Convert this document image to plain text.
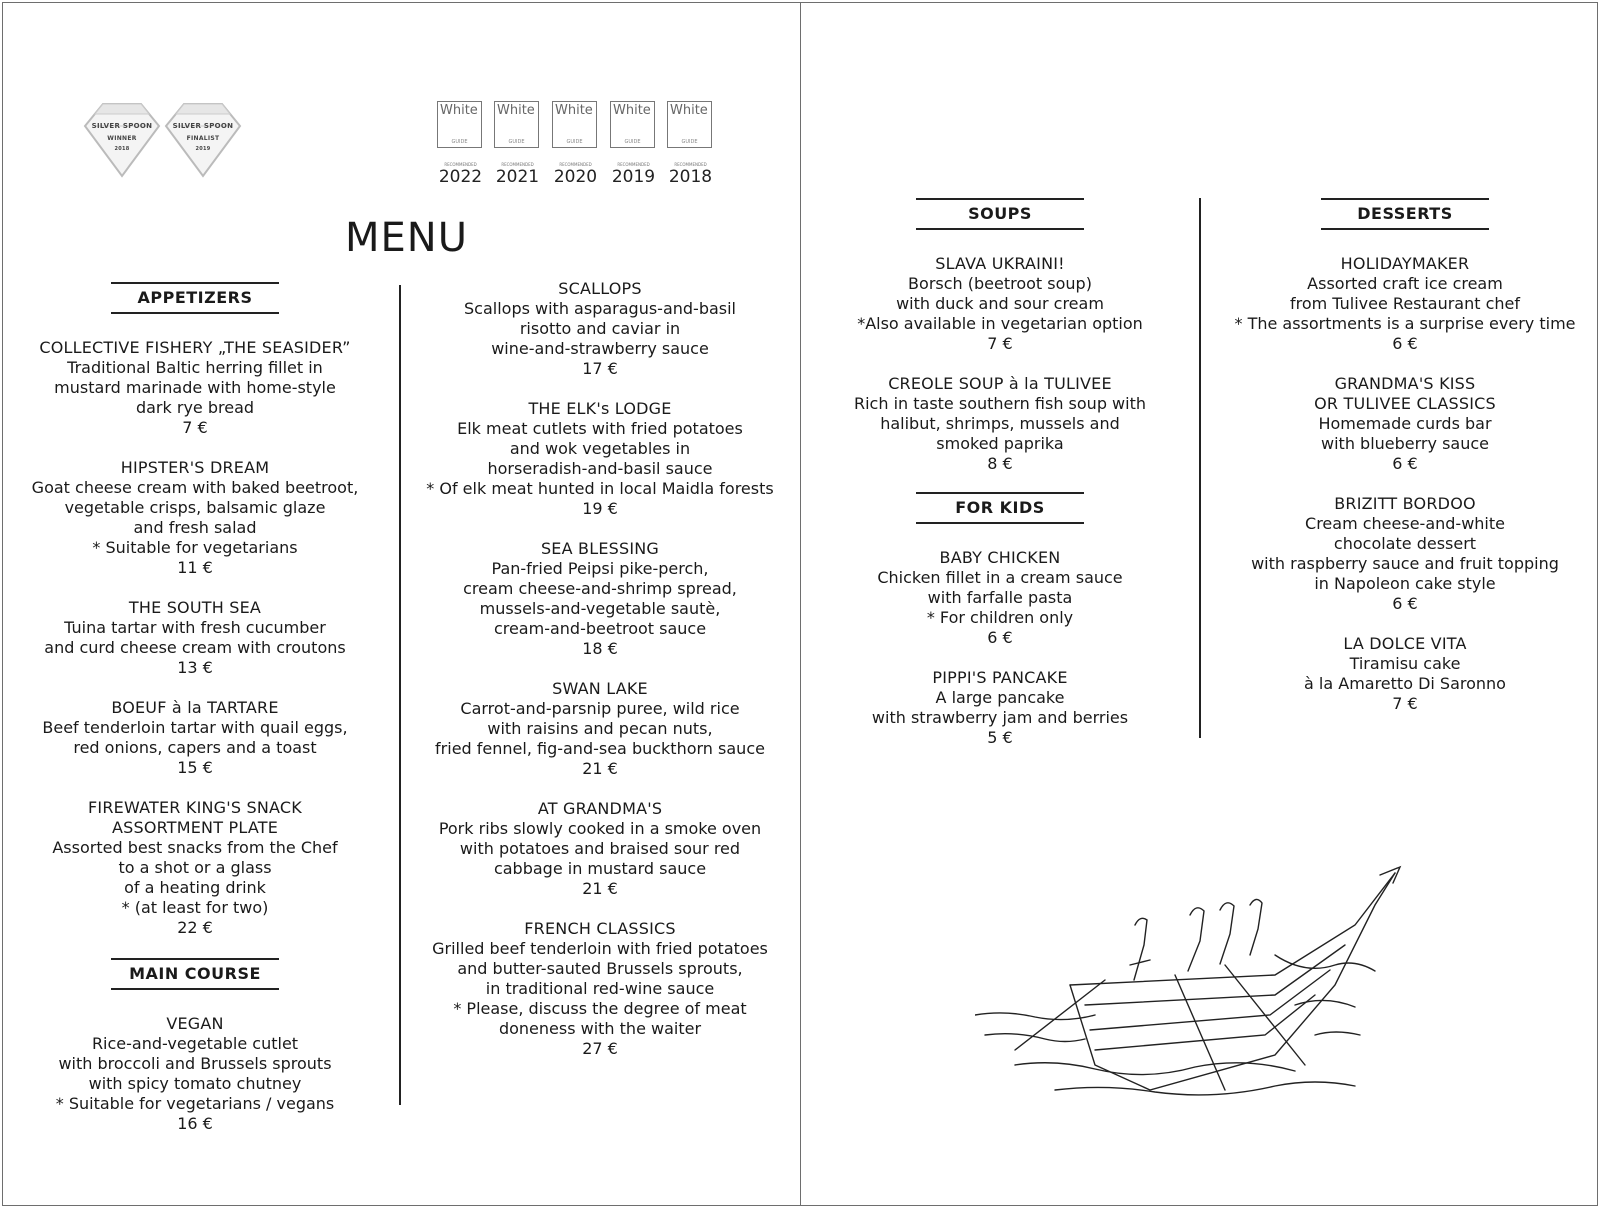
SILVER SPOON
WINNER
2018
SILVER SPOON
FINALIST
2019
White
GUIDE
RECOMMENDED
2022
White
GUIDE
RECOMMENDED
2021
White
GUIDE
RECOMMENDED
2020
White
GUIDE
RECOMMENDED
2019
White
GUIDE
RECOMMENDED
2018
MENU
APPETIZERS
COLLECTIVE FISHERY „THE SEASIDER”
Traditional Baltic herring fillet in
mustard marinade with home-style
dark rye bread
7 €
HIPSTER'S DREAM
Goat cheese cream with baked beetroot,
vegetable crisps, balsamic glaze
and fresh salad
* Suitable for vegetarians
11 €
THE SOUTH SEA
Tuina tartar with fresh cucumber
and curd cheese cream with croutons
13 €
BOEUF à la TARTARE
Beef tenderloin tartar with quail eggs,
red onions, capers and a toast
15 €
FIREWATER KING'S SNACK
ASSORTMENT PLATE
Assorted best snacks from the Chef
to a shot or a glass
of a heating drink
* (at least for two)
22 €
MAIN COURSE
VEGAN
Rice-and-vegetable cutlet
with broccoli and Brussels sprouts
with spicy tomato chutney
* Suitable for vegetarians / vegans
16 €
SCALLOPS
Scallops with asparagus-and-basil
risotto and caviar in
wine-and-strawberry sauce
17 €
THE ELK's LODGE
Elk meat cutlets with fried potatoes
and wok vegetables in
horseradish-and-basil sauce
* Of elk meat hunted in local Maidla forests
19 €
SEA BLESSING
Pan-fried Peipsi pike-perch,
cream cheese-and-shrimp spread,
mussels-and-vegetable sautè,
cream-and-beetroot sauce
18 €
SWAN LAKE
Carrot-and-parsnip puree, wild rice
with raisins and pecan nuts,
fried fennel, fig-and-sea buckthorn sauce
21 €
AT GRANDMA'S
Pork ribs slowly cooked in a smoke oven
with potatoes and braised sour red
cabbage in mustard sauce
21 €
FRENCH CLASSICS
Grilled beef tenderloin with fried potatoes
and butter-sauted Brussels sprouts,
in traditional red-wine sauce
* Please, discuss the degree of meat
doneness with the waiter
27 €
SOUPS
SLAVA UKRAINI!
Borsch (beetroot soup)
with duck and sour cream
*Also available in vegetarian option
7 €
CREOLE SOUP à la TULIVEE
Rich in taste southern fish soup with
halibut, shrimps, mussels and
smoked paprika
8 €
FOR KIDS
BABY CHICKEN
Chicken fillet in a cream sauce
with farfalle pasta
* For children only
6 €
PIPPI'S PANCAKE
A large pancake
with strawberry jam and berries
5 €
DESSERTS
HOLIDAYMAKER
Assorted craft ice cream
from Tulivee Restaurant chef
* The assortments is a surprise every time
6 €
GRANDMA'S KISS
OR TULIVEE CLASSICS
Homemade curds bar
with blueberry sauce
6 €
BRIZITT BORDOO
Cream cheese-and-white
chocolate dessert
with raspberry sauce and fruit topping
in Napoleon cake style
6 €
LA DOLCE VITA
Tiramisu cake
à la Amaretto Di Saronno
7 €
